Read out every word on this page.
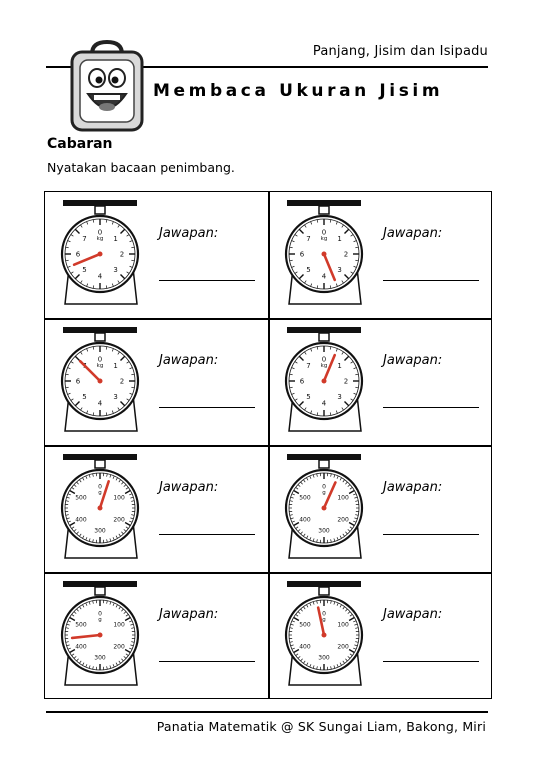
Panjang, Jisim dan Isipadu
Membaca Ukuran Jisim
Cabaran
Nyatakan bacaan penimbang.
0
1
2
3
4
5
6
7 kg	Jawapan:	0
1
2
3
4
5
6
7 kg	Jawapan:
0
1
2
3
4
5
6
kg	Jawapan:	0
1
2
3
4
5
6
7 kg	Jawapan:
0
100
200
300
400
500
g	Jawapan:	0
100
200
300
400
500
g	Jawapan:
0
100
200
300
400
500
g	Jawapan:	0
100
200
300
400
500
g	Jawapan:
Panatia Matematik @ SK Sungai Liam, Bakong, Miri
